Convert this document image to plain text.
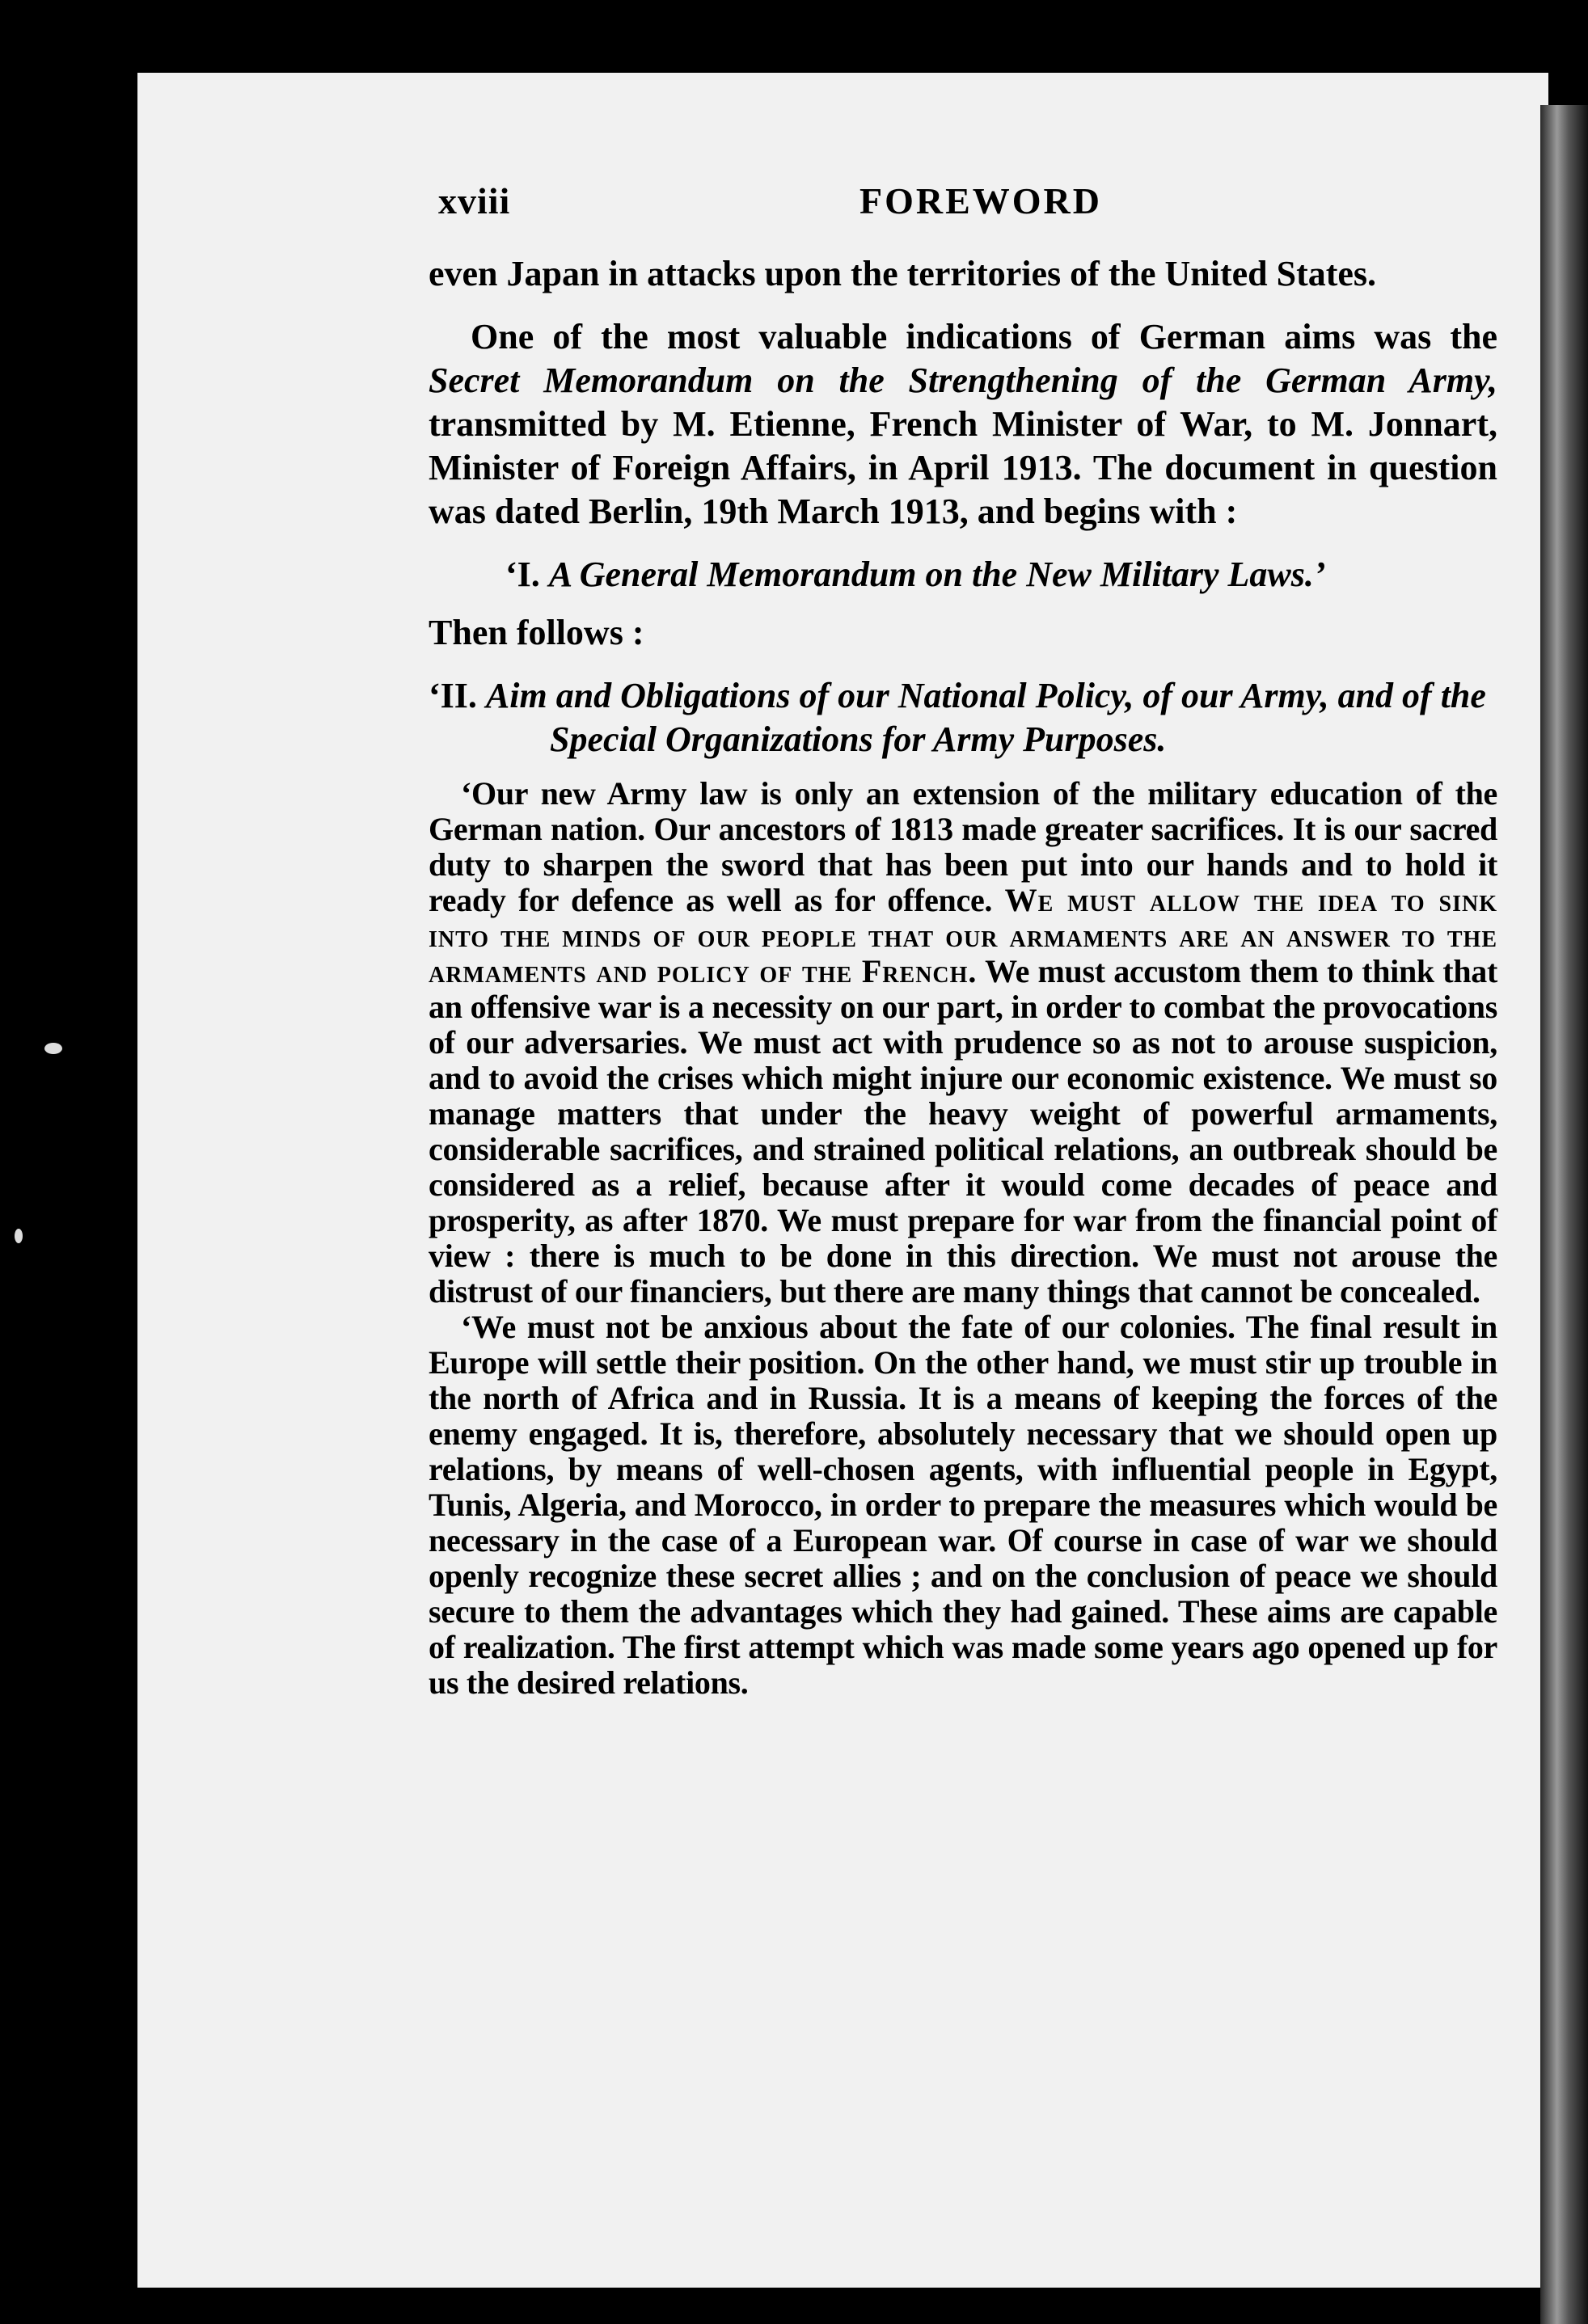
xviii	FOREWORD

even Japan in attacks upon the territories of the United States.

One of the most valuable indications of German aims was the Secret Memorandum on the Strengthening of the German Army, transmitted by M. Etienne, French Minister of War, to M. Jonnart, Minister of Foreign Affairs, in April 1913. The document in question was dated Berlin, 19th March 1913, and begins with :

‘I. A General Memorandum on the New Military Laws.’

Then follows :

‘II. Aim and Obligations of our National Policy, of our Army, and of the Special Organizations for Army Purposes.

‘Our new Army law is only an extension of the military education of the German nation. Our ancestors of 1813 made greater sacrifices. It is our sacred duty to sharpen the sword that has been put into our hands and to hold it ready for defence as well as for offence. We must allow the idea to sink into the minds of our people that our armaments are an answer to the armaments and policy of the French. We must accustom them to think that an offensive war is a necessity on our part, in order to combat the provocations of our adversaries. We must act with prudence so as not to arouse suspicion, and to avoid the crises which might injure our economic existence. We must so manage matters that under the heavy weight of powerful armaments, considerable sacrifices, and strained political relations, an outbreak should be considered as a relief, because after it would come decades of peace and prosperity, as after 1870. We must prepare for war from the financial point of view : there is much to be done in this direction. We must not arouse the distrust of our financiers, but there are many things that cannot be concealed.

‘We must not be anxious about the fate of our colonies. The final result in Europe will settle their position. On the other hand, we must stir up trouble in the north of Africa and in Russia. It is a means of keeping the forces of the enemy engaged. It is, therefore, absolutely necessary that we should open up relations, by means of well-chosen agents, with influential people in Egypt, Tunis, Algeria, and Morocco, in order to prepare the measures which would be necessary in the case of a European war. Of course in case of war we should openly recognize these secret allies ; and on the conclusion of peace we should secure to them the advantages which they had gained. These aims are capable of realization. The first attempt which was made some years ago opened up for us the desired relations.
